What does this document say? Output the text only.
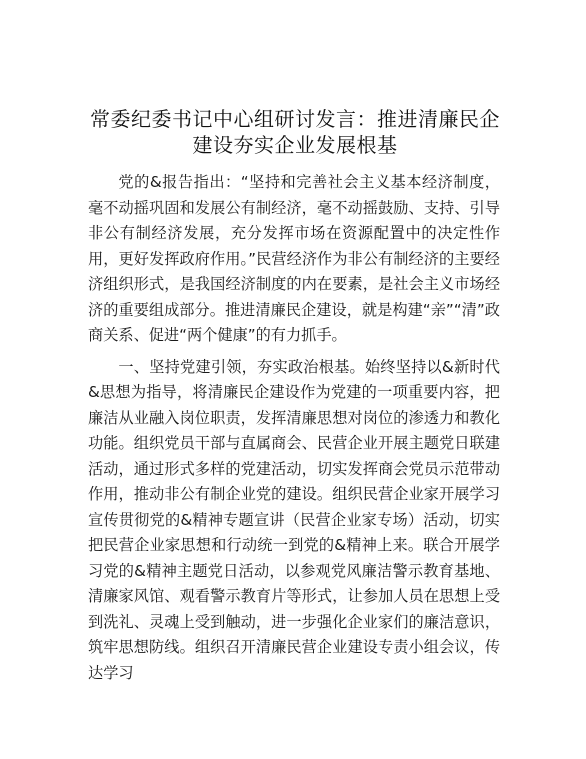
常委纪委书记中心组研讨发言：推进清廉民企
建设夯实企业发展根基

党的&报告指出：“坚持和完善社会主义基本经济制度，毫不动摇巩固和发展公有制经济，毫不动摇鼓励、支持、引导非公有制经济发展，充分发挥市场在资源配置中的决定性作用，更好发挥政府作用。”民营经济作为非公有制经济的主要经济组织形式，是我国经济制度的内在要素，是社会主义市场经济的重要组成部分。推进清廉民企建设，就是构建“亲”“清”政商关系、促进“两个健康”的有力抓手。

一、坚持党建引领，夯实政治根基。始终坚持以&新时代&思想为指导，将清廉民企建设作为党建的一项重要内容，把廉洁从业融入岗位职责，发挥清廉思想对岗位的渗透力和教化功能。组织党员干部与直属商会、民营企业开展主题党日联建活动，通过形式多样的党建活动，切实发挥商会党员示范带动作用，推动非公有制企业党的建设。组织民营企业家开展学习宣传贯彻党的&精神专题宣讲（民营企业家专场）活动，切实把民营企业家思想和行动统一到党的&精神上来。联合开展学习党的&精神主题党日活动，以参观党风廉洁警示教育基地、清廉家风馆、观看警示教育片等形式，让参加人员在思想上受到洗礼、灵魂上受到触动，进一步强化企业家们的廉洁意识，筑牢思想防线。组织召开清廉民营企业建设专责小组会议，传达学习
